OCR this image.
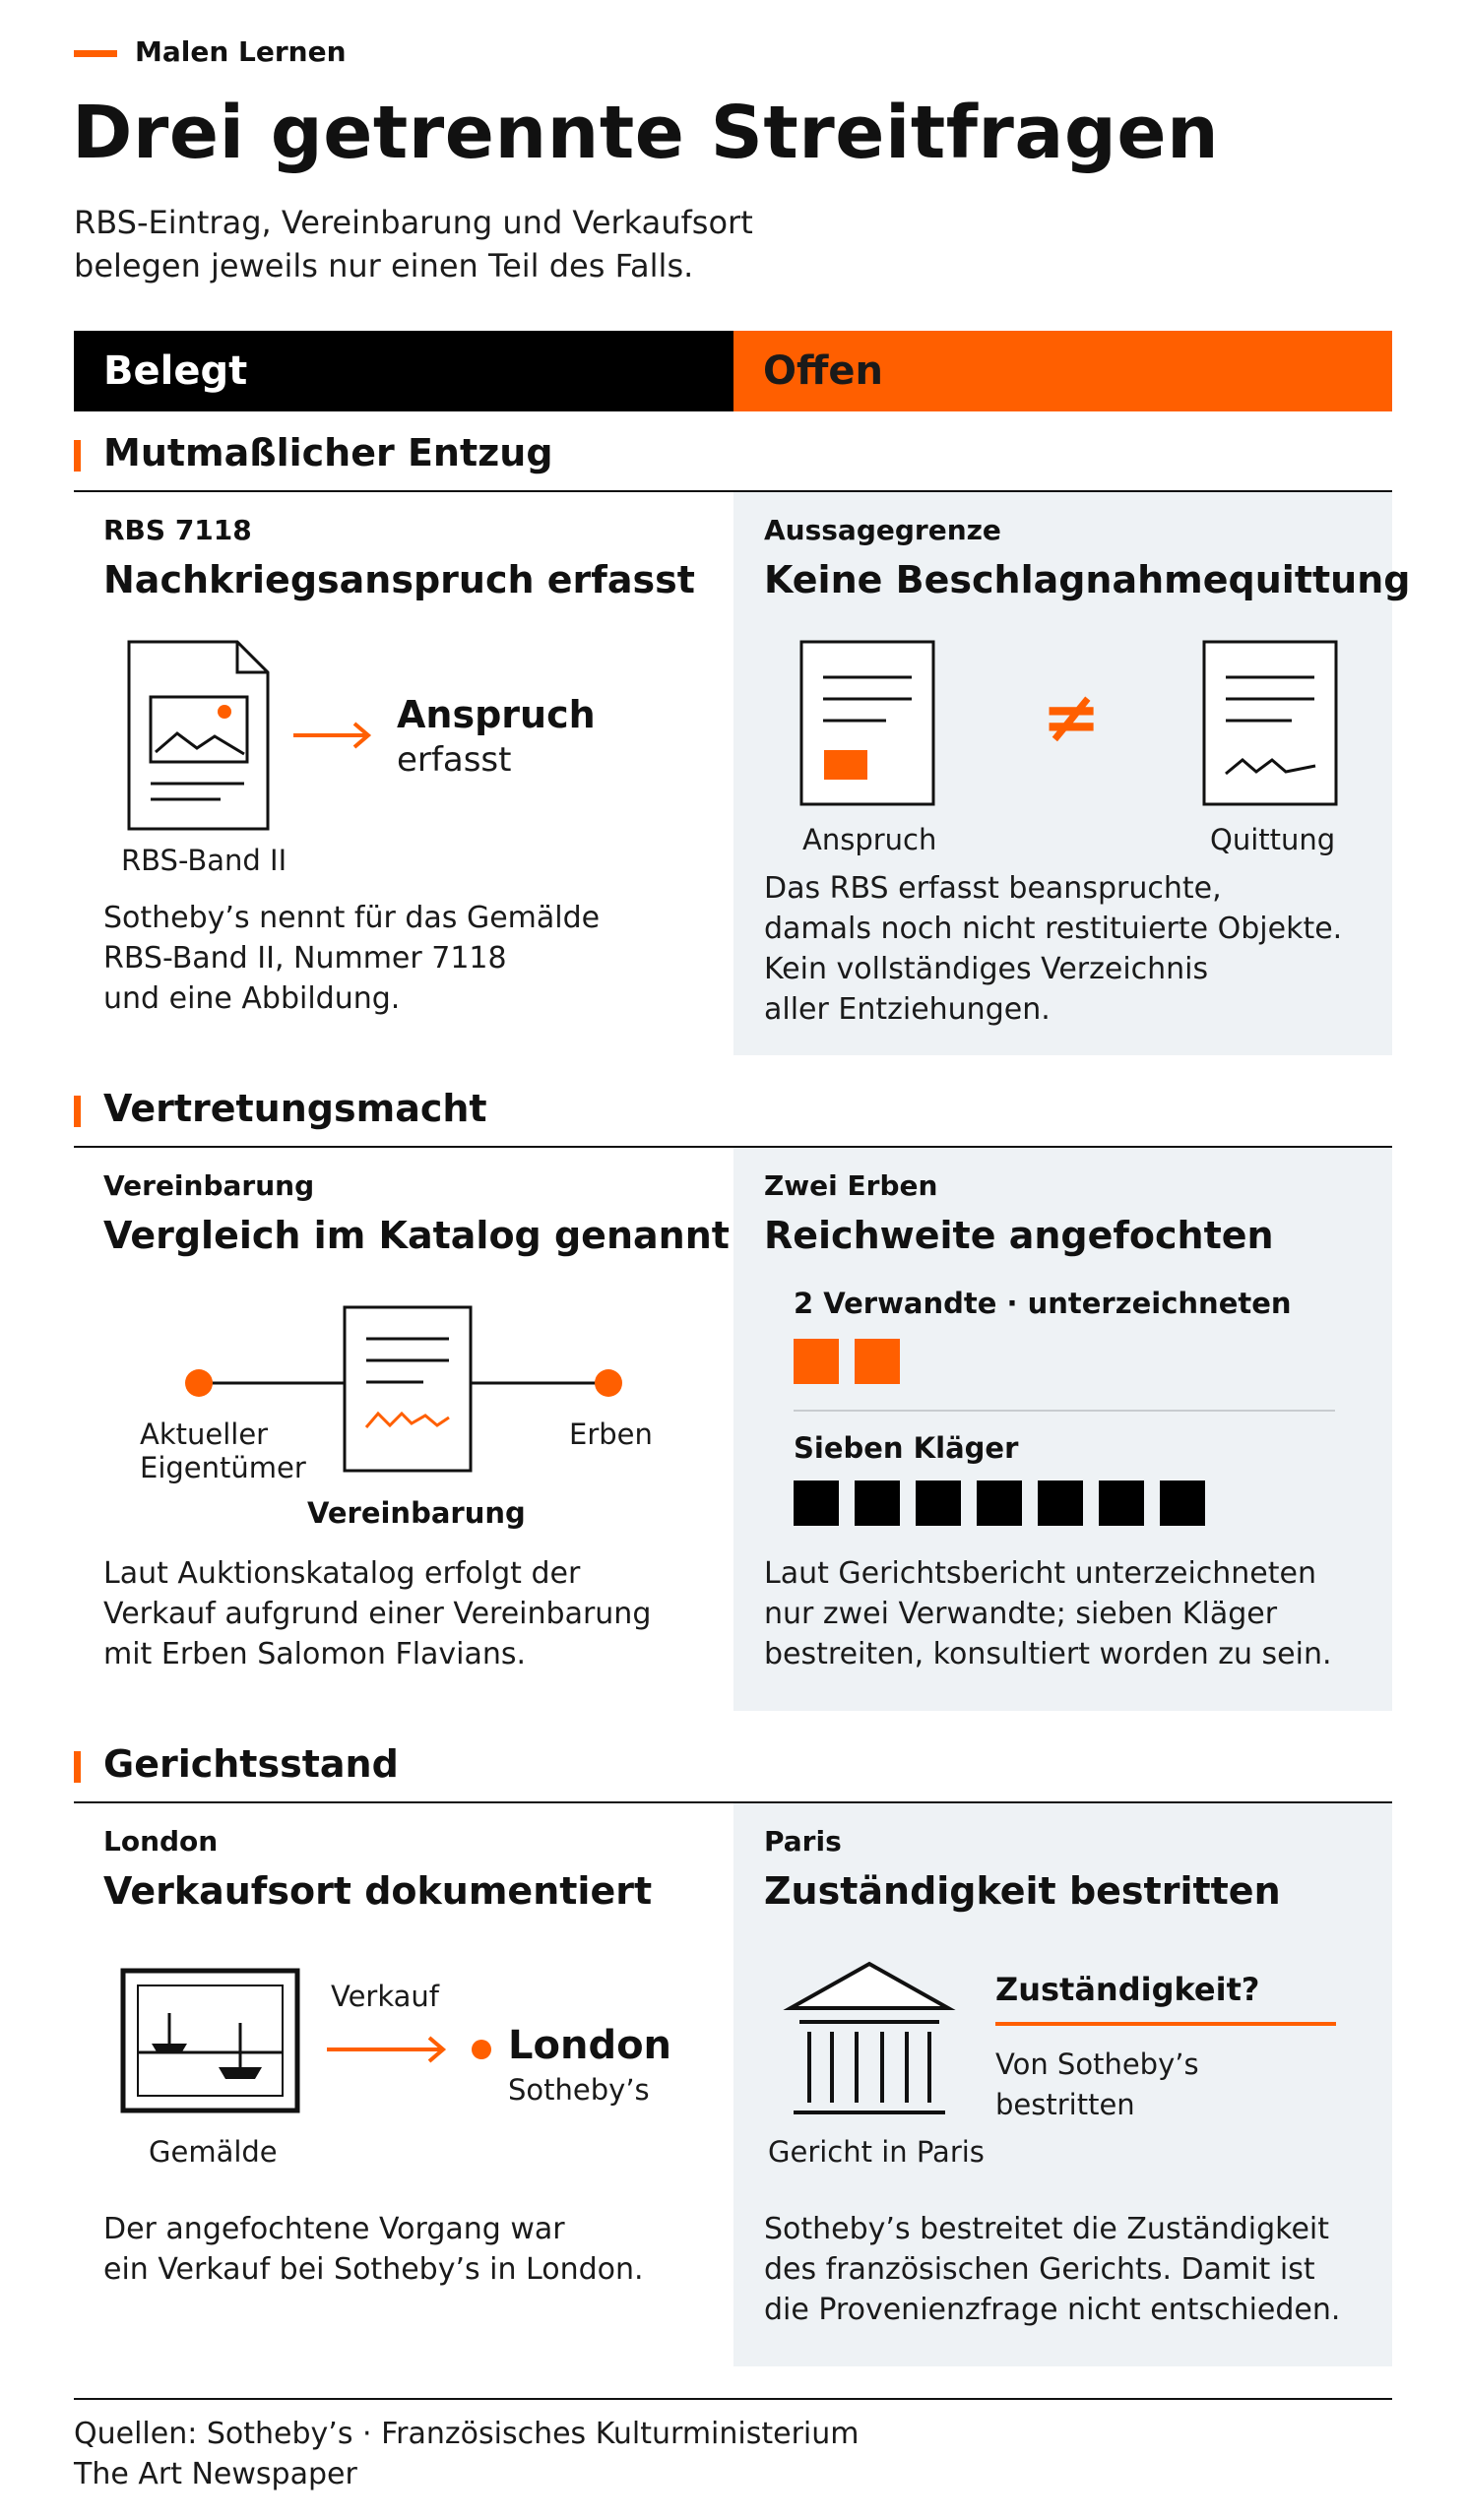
Malen Lernen
Drei getrennte Streitfragen
RBS-Eintrag, Vereinbarung und Verkaufsort
belegen jeweils nur einen Teil des Falls.
Belegt	Offen
Mutmaßlicher Entzug
RBS 7118
Nachkriegsanspruch erfasst
RBS-Band II
Anspruch
erfasst
Sotheby’s nennt für das Gemälde
RBS-Band II, Nummer 7118
und eine Abbildung.
Aussagegrenze
Keine Beschlagnahmequittung
≠
Anspruch	Quittung
Das RBS erfasst beanspruchte,
damals noch nicht restituierte Objekte.
Kein vollständiges Verzeichnis
aller Entziehungen.
Vertretungsmacht
Vereinbarung
Vergleich im Katalog genannt
Aktueller
Eigentümer
Erben
Vereinbarung
Laut Auktionskatalog erfolgt der
Verkauf aufgrund einer Vereinbarung
mit Erben Salomon Flavians.
Zwei Erben
Reichweite angefochten
2 Verwandte · unterzeichneten
Sieben Kläger
Laut Gerichtsbericht unterzeichneten
nur zwei Verwandte; sieben Kläger
bestreiten, konsultiert worden zu sein.
Gerichtsstand
London
Verkaufsort dokumentiert
Gemälde
Verkauf
London
Sotheby’s
Der angefochtene Vorgang war
ein Verkauf bei Sotheby’s in London.
Paris
Zuständigkeit bestritten
Gericht in Paris
Zuständigkeit?
Von Sotheby’s
bestritten
Sotheby’s bestreitet die Zuständigkeit
des französischen Gerichts. Damit ist
die Provenienzfrage nicht entschieden.
Quellen: Sotheby’s · Französisches Kulturministerium
The Art Newspaper
